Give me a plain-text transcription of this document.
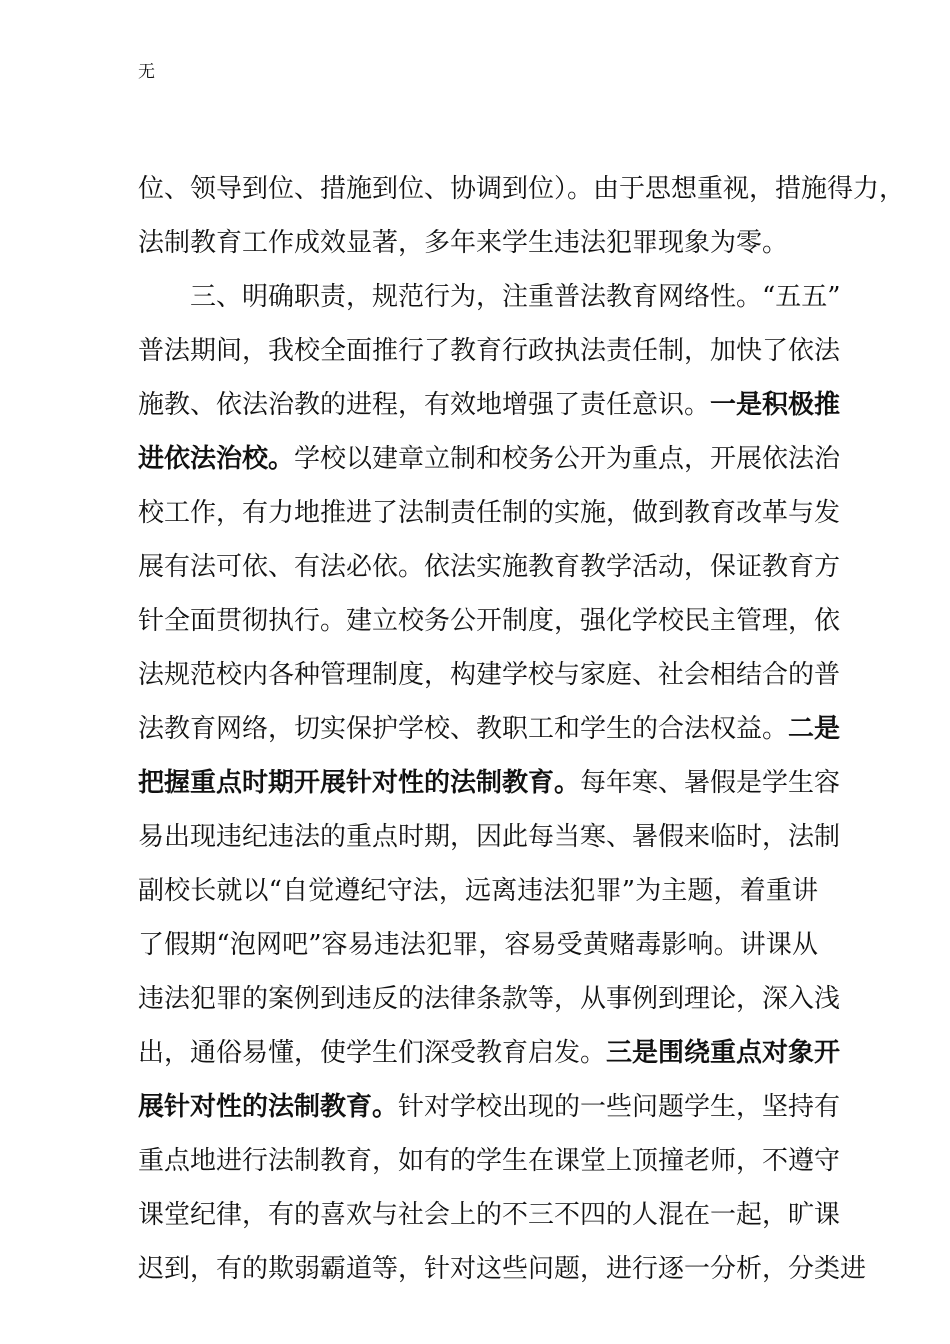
无
位、领导到位、措施到位、协调到位）。由于思想重视，措施得力，
法制教育工作成效显著，多年来学生违法犯罪现象为零。
三、明确职责，规范行为，注重普法教育网络性。“五五”
普法期间，我校全面推行了教育行政执法责任制，加快了依法
施教、依法治教的进程，有效地增强了责任意识。一是积极推
进依法治校。学校以建章立制和校务公开为重点，开展依法治
校工作，有力地推进了法制责任制的实施，做到教育改革与发
展有法可依、有法必依。依法实施教育教学活动，保证教育方
针全面贯彻执行。建立校务公开制度，强化学校民主管理，依
法规范校内各种管理制度，构建学校与家庭、社会相结合的普
法教育网络，切实保护学校、教职工和学生的合法权益。二是
把握重点时期开展针对性的法制教育。每年寒、暑假是学生容
易出现违纪违法的重点时期，因此每当寒、暑假来临时，法制
副校长就以“自觉遵纪守法，远离违法犯罪”为主题，着重讲
了假期“泡网吧”容易违法犯罪，容易受黄赌毒影响。讲课从
违法犯罪的案例到违反的法律条款等，从事例到理论，深入浅
出，通俗易懂，使学生们深受教育启发。三是围绕重点对象开
展针对性的法制教育。针对学校出现的一些问题学生，坚持有
重点地进行法制教育，如有的学生在课堂上顶撞老师，不遵守
课堂纪律，有的喜欢与社会上的不三不四的人混在一起，旷课
迟到，有的欺弱霸道等，针对这些问题，进行逐一分析，分类进
